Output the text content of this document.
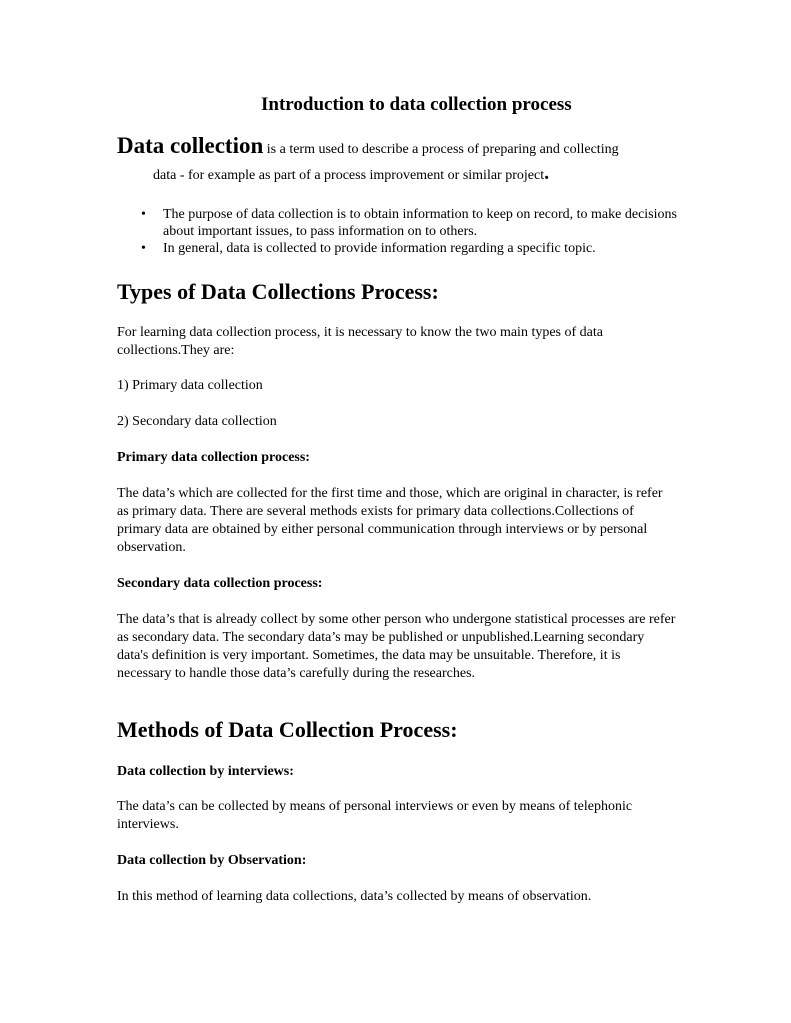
Introduction to data collection process

Data collection is a term used to describe a process of preparing and collecting
data - for example as part of a process improvement or similar project.

• The purpose of data collection is to obtain information to keep on record, to make decisions about important issues, to pass information on to others.
• In general, data is collected to provide information regarding a specific topic.
Types of Data Collections Process:

For learning data collection process, it is necessary to know the two main types of data collections.They are:

1) Primary data collection

2) Secondary data collection

Primary data collection process:

The data’s which are collected for the first time and those, which are original in character, is refer as primary data. There are several methods exists for primary data collections.Collections of primary data are obtained by either personal communication through interviews or by personal observation.

Secondary data collection process:

The data’s that is already collect by some other person who undergone statistical processes are refer as secondary data. The secondary data’s may be published or unpublished.Learning secondary data's definition is very important. Sometimes, the data may be unsuitable. Therefore, it is necessary to handle those data’s carefully during the researches.

Methods of Data Collection Process:

Data collection by interviews:

The data’s can be collected by means of personal interviews or even by means of telephonic interviews.

Data collection by Observation:

In this method of learning data collections, data’s collected by means of observation.
